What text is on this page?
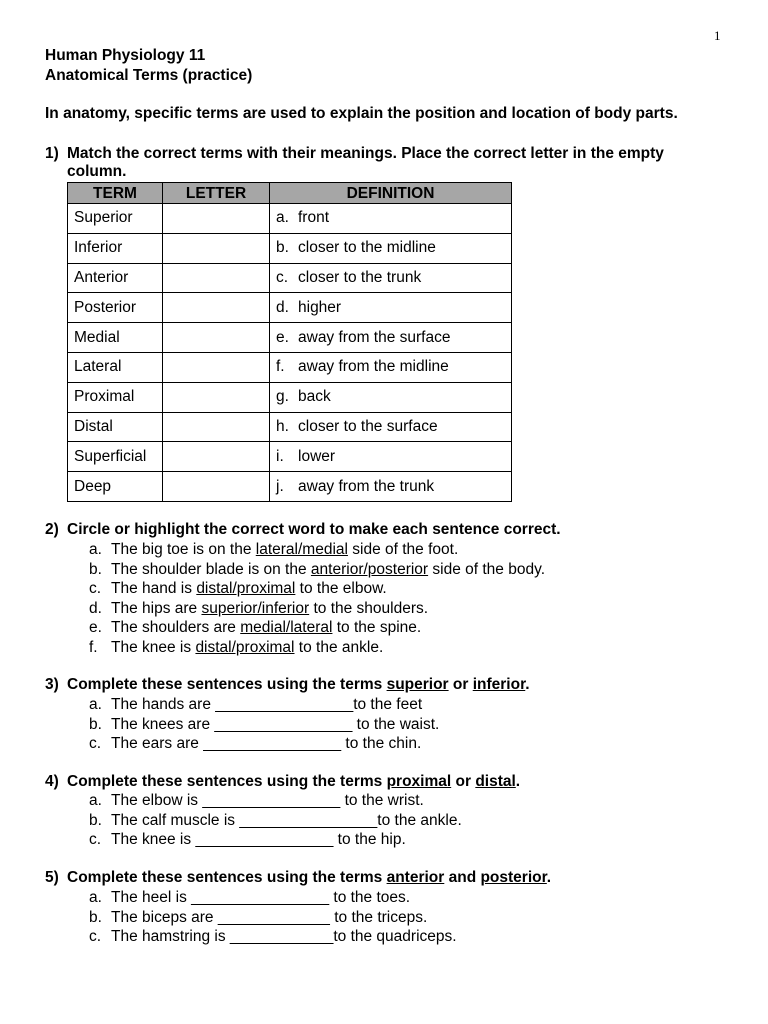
1
Human Physiology 11
Anatomical Terms (practice)
In anatomy, specific terms are used to explain the position and location of body parts.
1) Match the correct terms with their meanings. Place the correct letter in the empty
column.
TERM	LETTER	DEFINITION
Superior		a. front
Inferior		b. closer to the midline
Anterior		c. closer to the trunk
Posterior		d. higher
Medial		e. away from the surface
Lateral		f. away from the midline
Proximal		g. back
Distal		h. closer to the surface
Superficial		i. lower
Deep		j. away from the trunk
2) Circle or highlight the correct word to make each sentence correct.
a. The big toe is on the lateral/medial side of the foot.
b. The shoulder blade is on the anterior/posterior side of the body.
c. The hand is distal/proximal to the elbow.
d. The hips are superior/inferior to the shoulders.
e. The shoulders are medial/lateral to the spine.
f. The knee is distal/proximal to the ankle.
3) Complete these sentences using the terms superior or inferior.
a. The hands are ________________to the feet
b. The knees are ________________ to the waist.
c. The ears are ________________ to the chin.
4) Complete these sentences using the terms proximal or distal.
a. The elbow is ________________ to the wrist.
b. The calf muscle is ________________to the ankle.
c. The knee is ________________ to the hip.
5) Complete these sentences using the terms anterior and posterior.
a. The heel is ________________ to the toes.
b. The biceps are _____________ to the triceps.
c. The hamstring is ____________to the quadriceps.
